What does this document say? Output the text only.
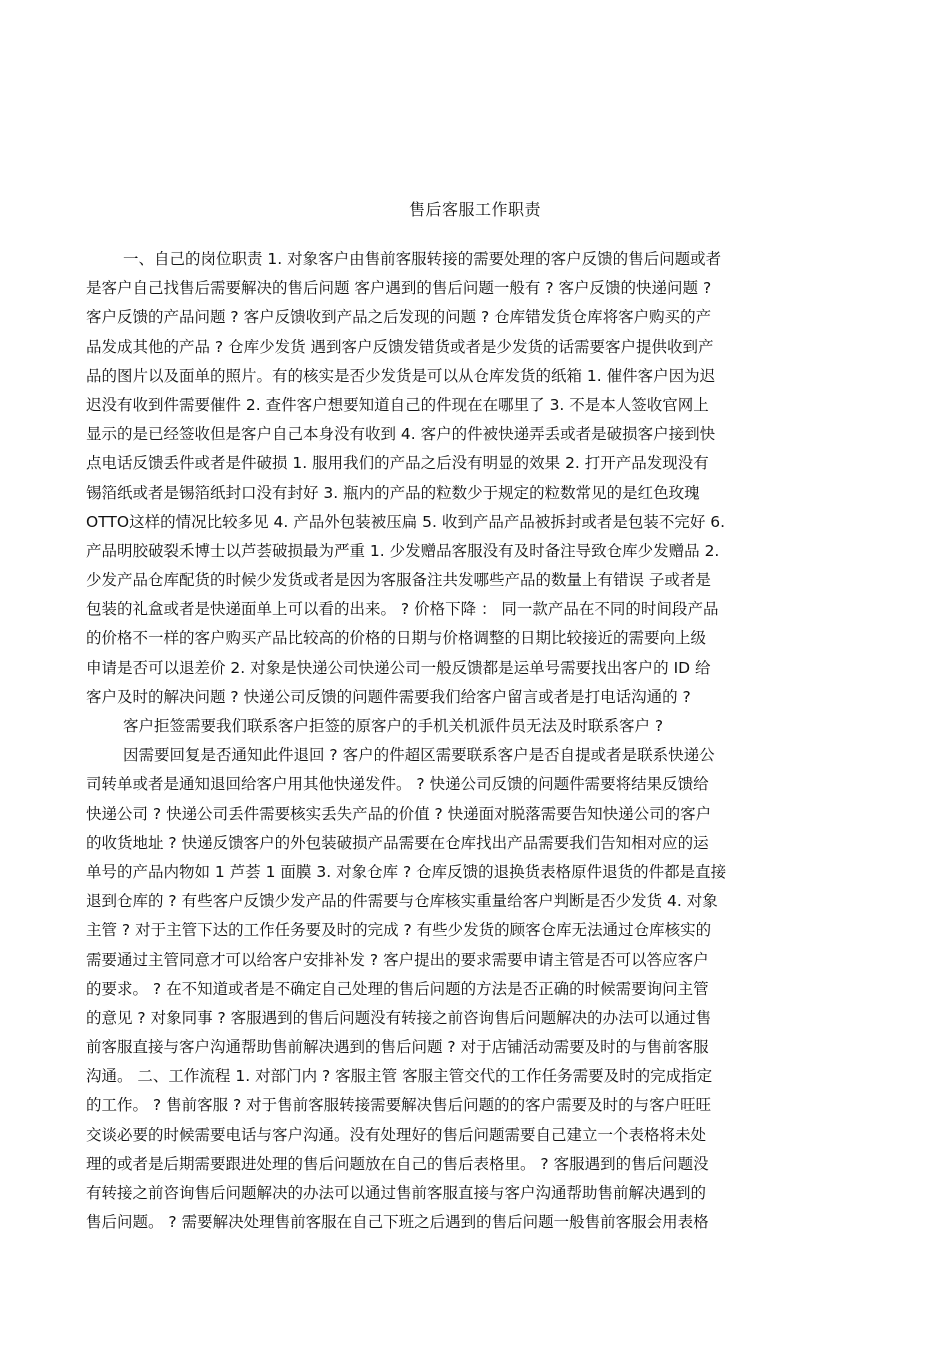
售后客服工作职责
一、自己的岗位职责 1. 对象客户由售前客服转接的需要处理的客户反馈的售后问题或者
是客户自己找售后需要解决的售后问题 客户遇到的售后问题一般有 ? 客户反馈的快递问题 ?
客户反馈的产品问题 ? 客户反馈收到产品之后发现的问题 ? 仓库错发货仓库将客户购买的产
品发成其他的产品 ? 仓库少发货 遇到客户反馈发错货或者是少发货的话需要客户提供收到产
品的图片以及面单的照片。有的核实是否少发货是可以从仓库发货的纸箱 1. 催件客户因为迟
迟没有收到件需要催件 2. 查件客户想要知道自己的件现在在哪里了 3. 不是本人签收官网上
显示的是已经签收但是客户自己本身没有收到 4. 客户的件被快递弄丢或者是破损客户接到快
点电话反馈丢件或者是件破损 1. 服用我们的产品之后没有明显的效果 2. 打开产品发现没有
锡箔纸或者是锡箔纸封口没有封好 3. 瓶内的产品的粒数少于规定的粒数常见的是红色玫瑰
OTTO这样的情况比较多见 4. 产品外包装被压扁 5. 收到产品产品被拆封或者是包装不完好 6.
产品明胶破裂禾博士以芦荟破损最为严重 1. 少发赠品客服没有及时备注导致仓库少发赠品 2.
少发产品仓库配货的时候少发货或者是因为客服备注共发哪些产品的数量上有错误 子或者是
包装的礼盒或者是快递面单上可以看的出来。 ? 价格下降 ： 同一款产品在不同的时间段产品
的价格不一样的客户购买产品比较高的价格的日期与价格调整的日期比较接近的需要向上级
申请是否可以退差价 2. 对象是快递公司快递公司一般反馈都是运单号需要找出客户的 ID 给
客户及时的解决问题 ? 快递公司反馈的问题件需要我们给客户留言或者是打电话沟通的 ?
客户拒签需要我们联系客户拒签的原客户的手机关机派件员无法及时联系客户 ?
因需要回复是否通知此件退回 ? 客户的件超区需要联系客户是否自提或者是联系快递公
司转单或者是通知退回给客户用其他快递发件。 ? 快递公司反馈的问题件需要将结果反馈给
快递公司 ? 快递公司丢件需要核实丢失产品的价值 ? 快递面对脱落需要告知快递公司的客户
的收货地址 ? 快递反馈客户的外包装破损产品需要在仓库找出产品需要我们告知相对应的运
单号的产品内物如 1 芦荟 1 面膜 3. 对象仓库 ? 仓库反馈的退换货表格原件退货的件都是直接
退到仓库的 ? 有些客户反馈少发产品的件需要与仓库核实重量给客户判断是否少发货 4. 对象
主管 ? 对于主管下达的工作任务要及时的完成 ? 有些少发货的顾客仓库无法通过仓库核实的
需要通过主管同意才可以给客户安排补发 ? 客户提出的要求需要申请主管是否可以答应客户
的要求。 ? 在不知道或者是不确定自己处理的售后问题的方法是否正确的时候需要询问主管
的意见 ? 对象同事 ? 客服遇到的售后问题没有转接之前咨询售后问题解决的办法可以通过售
前客服直接与客户沟通帮助售前解决遇到的售后问题 ? 对于店铺活动需要及时的与售前客服
沟通。 二、工作流程 1. 对部门内 ? 客服主管 客服主管交代的工作任务需要及时的完成指定
的工作。 ? 售前客服 ? 对于售前客服转接需要解决售后问题的的客户需要及时的与客户旺旺
交谈必要的时候需要电话与客户沟通。没有处理好的售后问题需要自己建立一个表格将未处
理的或者是后期需要跟进处理的售后问题放在自己的售后表格里。 ? 客服遇到的售后问题没
有转接之前咨询售后问题解决的办法可以通过售前客服直接与客户沟通帮助售前解决遇到的
售后问题。 ? 需要解决处理售前客服在自己下班之后遇到的售后问题一般售前客服会用表格
